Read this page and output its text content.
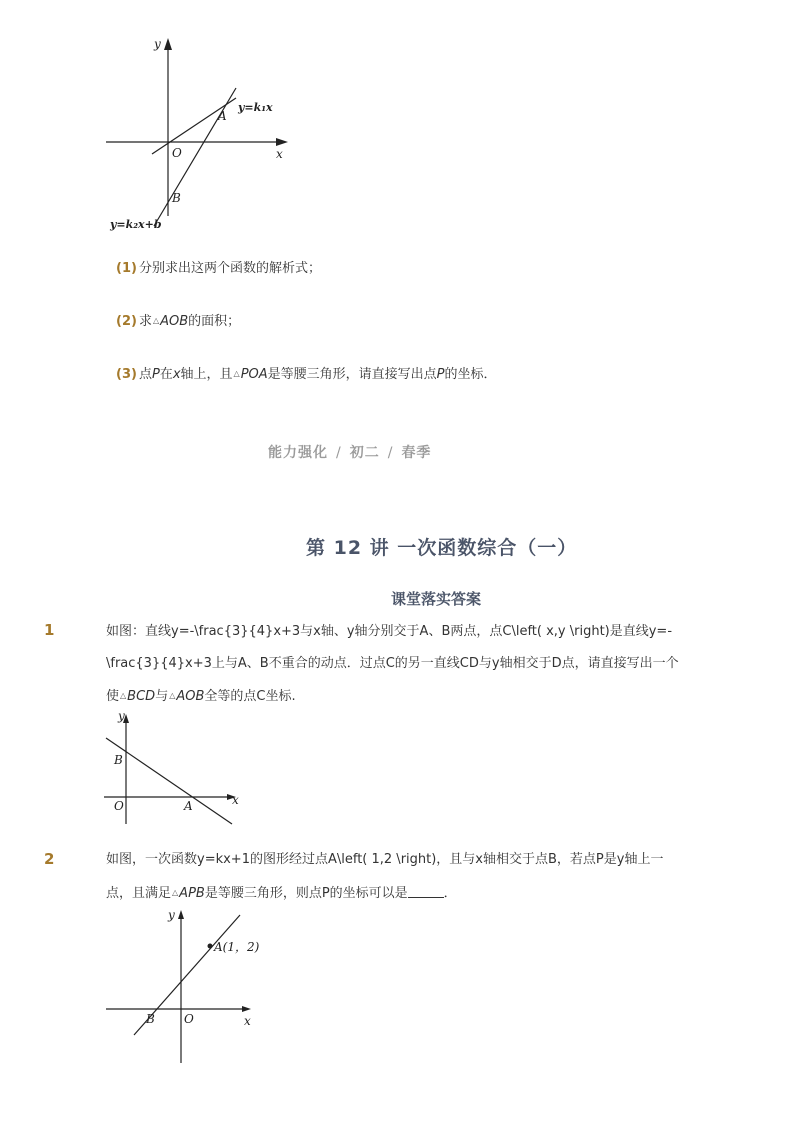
y
x
O
A
B
y=k₁x
y=k₂x+b
(1) 分别求出这两个函数的解析式；
(2) 求△AOB的面积；
(3) 点P在x轴上，且△POA是等腰三角形，请直接写出点P的坐标．
能力强化 / 初二 / 春季
第 12 讲 一次函数综合（一）
课堂落实答案
1	如图：直线y=-\frac{3}{4}x+3与x轴、y轴分别交于A、B两点，点C\left( x,y \right)是直线y=-
\frac{3}{4}x+3上与A、B不重合的动点．过点C的另一直线CD与y轴相交于D点，请直接写出一个
使△BCD与△AOB全等的点C坐标.
y
x
O	A
B
2	如图，一次函数y=kx+1的图形经过点A\left( 1,2 \right)，且与x轴相交于点B，若点P是y轴上一
点，且满足△APB是等腰三角形，则点P的坐标可以是	．
y
x
O
B
A(1，2)
